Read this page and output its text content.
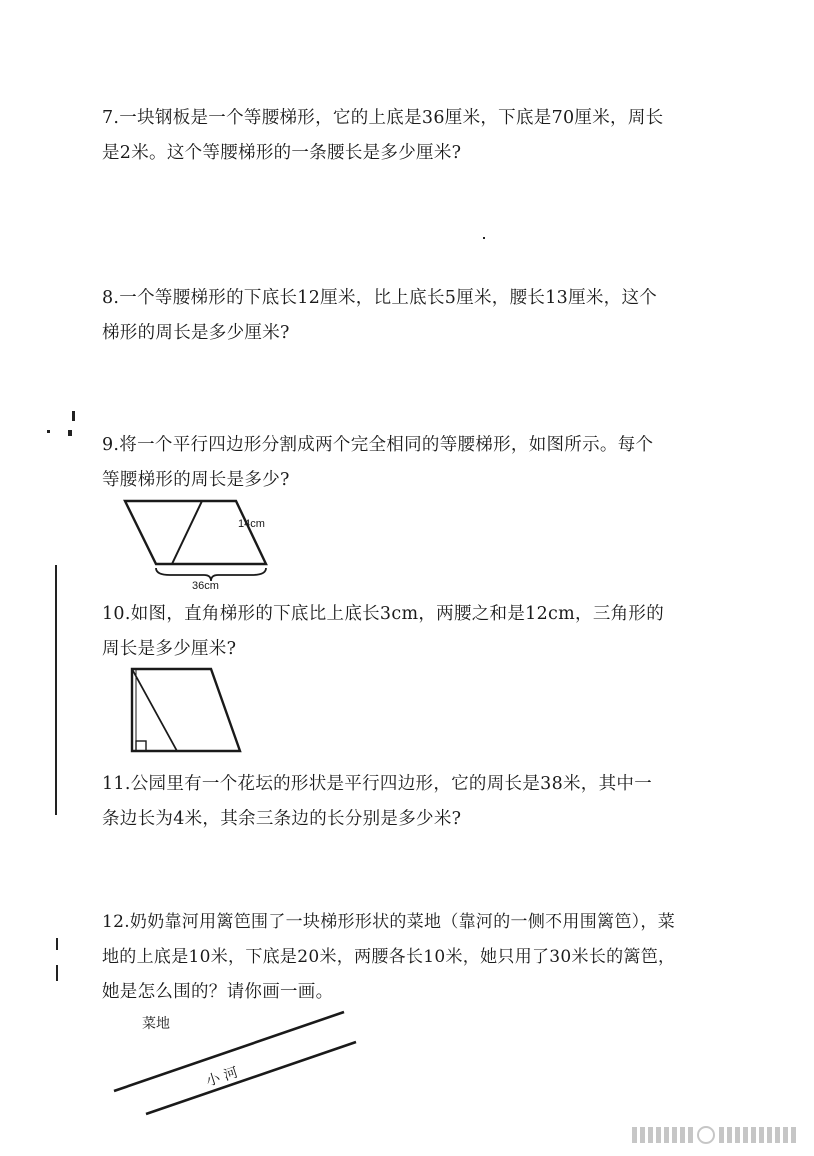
7.一块钢板是一个等腰梯形，它的上底是36厘米，下底是70厘米，周长

是2米。这个等腰梯形的一条腰长是多少厘米?

8.一个等腰梯形的下底长12厘米，比上底长5厘米，腰长13厘米，这个

梯形的周长是多少厘米?

9.将一个平行四边形分割成两个完全相同的等腰梯形，如图所示。每个

等腰梯形的周长是多少?

14cm
36cm

10.如图，直角梯形的下底比上底长3cm，两腰之和是12cm，三角形的

周长是多少厘米?

11.公园里有一个花坛的形状是平行四边形，它的周长是38米，其中一

条边长为4米，其余三条边的长分别是多少米?

12.奶奶靠河用篱笆围了一块梯形形状的菜地（靠河的一侧不用围篱笆），菜

地的上底是10米，下底是20米，两腰各长10米，她只用了30米长的篱笆，

她是怎么围的？请你画一画。

菜地
小 河
